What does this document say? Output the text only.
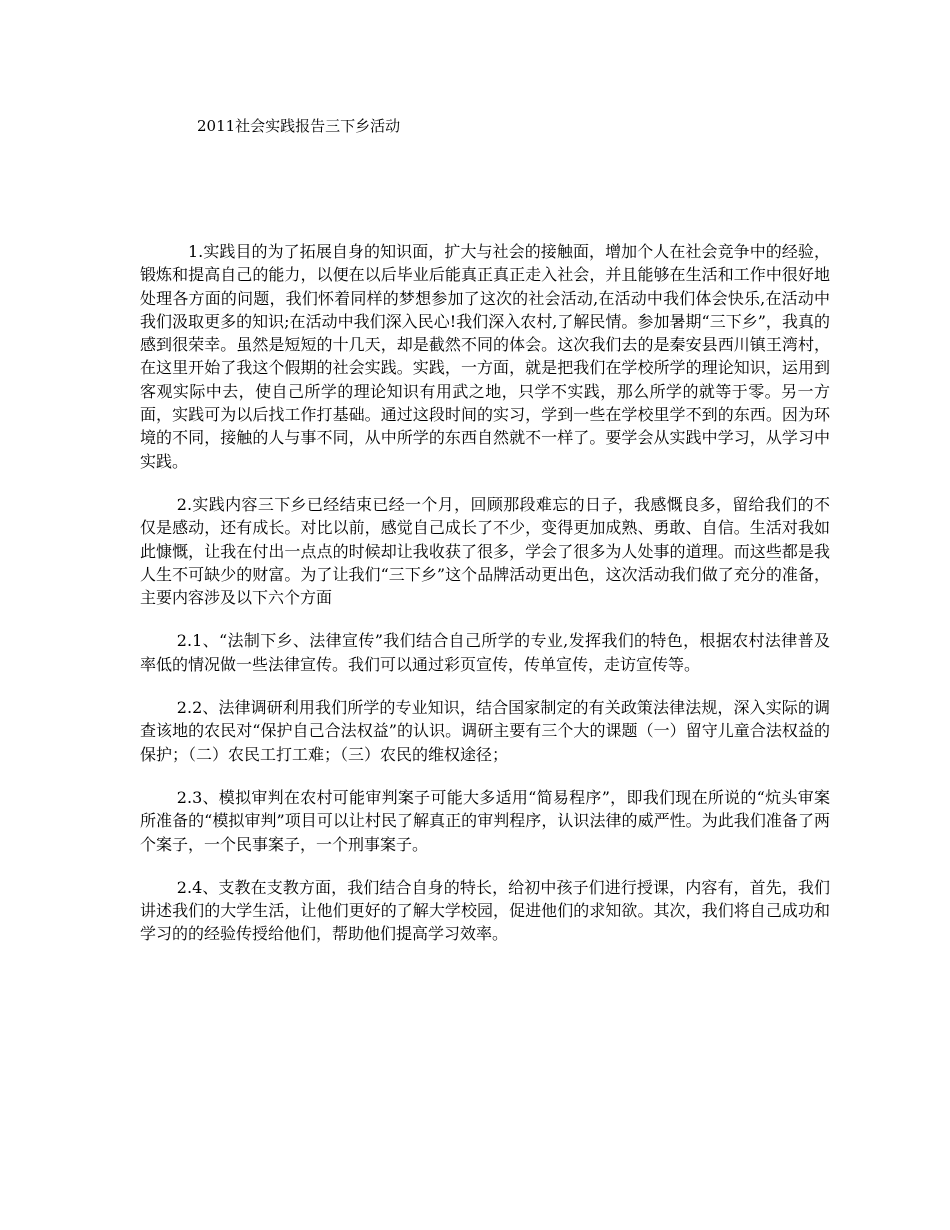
2011社会实践报告三下乡活动

1.实践目的为了拓展自身的知识面，扩大与社会的接触面，增加个人在社会竞争中的经验，锻炼和提高自己的能力，以便在以后毕业后能真正真正走入社会，并且能够在生活和工作中很好地处理各方面的问题，我们怀着同样的梦想参加了这次的社会活动,在活动中我们体会快乐,在活动中我们汲取更多的知识;在活动中我们深入民心!我们深入农村,了解民情。参加暑期“三下乡”，我真的感到很荣幸。虽然是短短的十几天，却是截然不同的体会。这次我们去的是秦安县西川镇王湾村，在这里开始了我这个假期的社会实践。实践，一方面，就是把我们在学校所学的理论知识，运用到客观实际中去，使自己所学的理论知识有用武之地，只学不实践，那么所学的就等于零。另一方面，实践可为以后找工作打基础。通过这段时间的实习，学到一些在学校里学不到的东西。因为环境的不同，接触的人与事不同，从中所学的东西自然就不一样了。要学会从实践中学习，从学习中实践。

2.实践内容三下乡已经结束已经一个月，回顾那段难忘的日子，我感慨良多，留给我们的不仅是感动，还有成长。对比以前，感觉自己成长了不少，变得更加成熟、勇敢、自信。生活对我如此慷慨，让我在付出一点点的时候却让我收获了很多，学会了很多为人处事的道理。而这些都是我人生不可缺少的财富。为了让我们“三下乡”这个品牌活动更出色，这次活动我们做了充分的准备，主要内容涉及以下六个方面

2.1、“法制下乡、法律宣传”我们结合自己所学的专业,发挥我们的特色，根据农村法律普及率低的情况做一些法律宣传。我们可以通过彩页宣传，传单宣传，走访宣传等。

2.2、法律调研利用我们所学的专业知识，结合国家制定的有关政策法律法规，深入实际的调查该地的农民对“保护自己合法权益”的认识。调研主要有三个大的课题（一）留守儿童合法权益的保护；（二）农民工打工难；（三）农民的维权途径；

2.3、模拟审判在农村可能审判案子可能大多适用“简易程序”，即我们现在所说的“炕头审案所准备的“模拟审判”项目可以让村民了解真正的审判程序，认识法律的威严性。为此我们准备了两个案子，一个民事案子，一个刑事案子。

2.4、支教在支教方面，我们结合自身的特长，给初中孩子们进行授课，内容有，首先，我们讲述我们的大学生活，让他们更好的了解大学校园，促进他们的求知欲。其次，我们将自己成功和学习的的经验传授给他们，帮助他们提高学习效率。
